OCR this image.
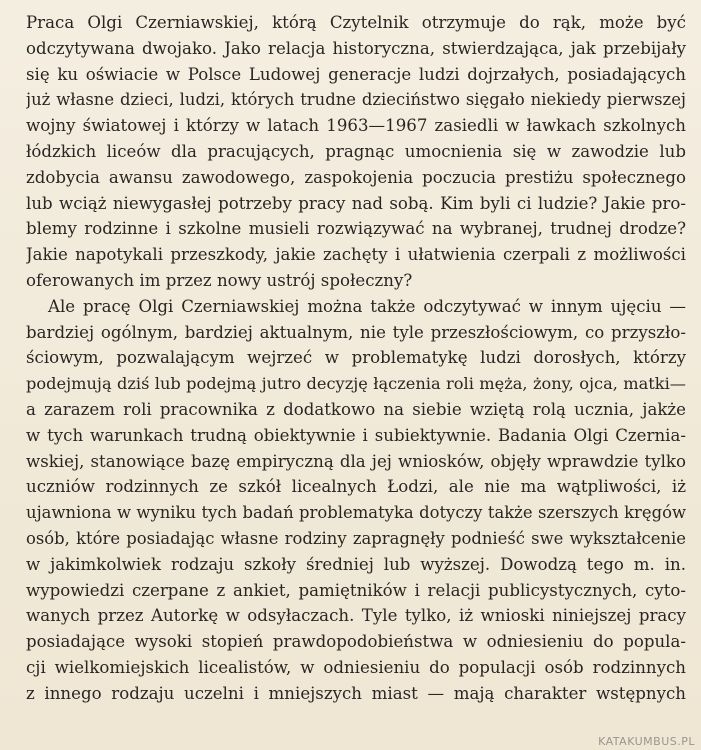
Praca Olgi Czerniawskiej, którą Czytelnik otrzymuje do rąk, może być
odczytywana dwojako. Jako relacja historyczna, stwierdzająca, jak przebijały
się ku oświacie w Polsce Ludowej generacje ludzi dojrzałych, posiadających
już własne dzieci, ludzi, których trudne dzieciństwo sięgało niekiedy pierwszej
wojny światowej i którzy w latach 1963—1967 zasiedli w ławkach szkolnych
łódzkich liceów dla pracujących, pragnąc umocnienia się w zawodzie lub
zdobycia awansu zawodowego, zaspokojenia poczucia prestiżu społecznego
lub wciąż niewygasłej potrzeby pracy nad sobą. Kim byli ci ludzie? Jakie pro-
blemy rodzinne i szkolne musieli rozwiązywać na wybranej, trudnej drodze?
Jakie napotykali przeszkody, jakie zachęty i ułatwienia czerpali z możliwości
oferowanych im przez nowy ustrój społeczny?
Ale pracę Olgi Czerniawskiej można także odczytywać w innym ujęciu —
bardziej ogólnym, bardziej aktualnym, nie tyle przeszłościowym, co przyszło-
ściowym, pozwalającym wejrzeć w problematykę ludzi dorosłych, którzy
podejmują dziś lub podejmą jutro decyzję łączenia roli męża, żony, ojca, matki—
a zarazem roli pracownika z dodatkowo na siebie wziętą rolą ucznia, jakże
w tych warunkach trudną obiektywnie i subiektywnie. Badania Olgi Czernia-
wskiej, stanowiące bazę empiryczną dla jej wniosków, objęły wprawdzie tylko
uczniów rodzinnych ze szkół licealnych Łodzi, ale nie ma wątpliwości, iż
ujawniona w wyniku tych badań problematyka dotyczy także szerszych kręgów
osób, które posiadając własne rodziny zapragnęły podnieść swe wykształcenie
w jakimkolwiek rodzaju szkoły średniej lub wyższej. Dowodzą tego m. in.
wypowiedzi czerpane z ankiet, pamiętników i relacji publicystycznych, cyto-
wanych przez Autorkę w odsyłaczach. Tyle tylko, iż wnioski niniejszej pracy
posiadające wysoki stopień prawdopodobieństwa w odniesieniu do popula-
cji wielkomiejskich licealistów, w odniesieniu do populacji osób rodzinnych
z innego rodzaju uczelni i mniejszych miast — mają charakter wstępnych
KATAKUMBUS.PL
